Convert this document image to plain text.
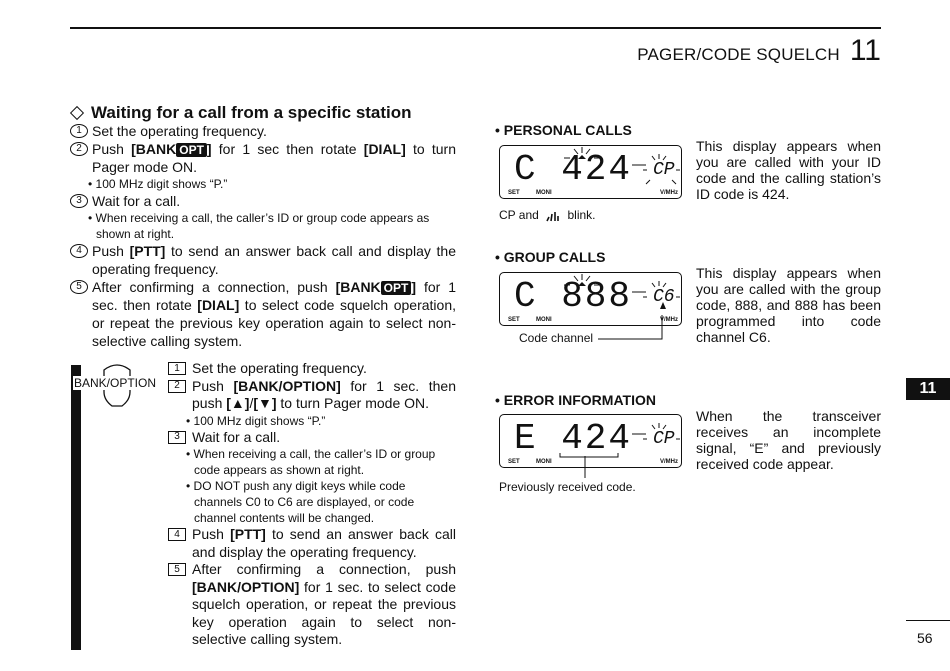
PAGER/CODE SQUELCH 11
Waiting for a call from a specific station
1 Set the operating frequency.
2 Push [BANK OPT ] for 1 sec then rotate [DIAL] to turn Pager mode ON.
• 100 MHz digit shows “P.”
3 Wait for a call.
• When receiving a call, the caller’s ID or group code appears as shown at right.
4 Push [PTT] to send an answer back call and display the operating frequency.
5 After confirming a connection, push [BANK OPT ] for 1 sec. then rotate [DIAL] to select code squelch operation, or repeat the previous key operation again to select non-selective calling system.
BANK/OPTION
1 Set the operating frequency.
2 Push [BANK/OPTION] for 1 sec. then push [▲]/[▼] to turn Pager mode ON.
• 100 MHz digit shows “P.”
3 Wait for a call.
• When receiving a call, the caller’s ID or group code appears as shown at right.
• DO NOT push any digit keys while code channels C0 to C6 are displayed, or code channel contents will be changed.
4 Push [PTT] to send an answer back call and display the operating frequency.
5 After confirming a connection, push [BANK/OPTION] for 1 sec. to select code squelch operation, or repeat the previous key operation again to select non-selective calling system.
• PERSONAL CALLS
C 424 CP
SET	MONI	V/MHz
CP and blink.
This display appears when you are called with your ID code and the calling station’s ID code is 424.
• GROUP CALLS
C 888 C6
SET	MONI	V/MHz
Code channel
This display appears when you are called with the group code, 888, and 888 has been programmed into code channel C6.
• ERROR INFORMATION
E 424 CP
SET	MONI	V/MHz
Previously received code.
When the transceiver receives an incomplete signal, “E” and previously received code appear.
11
56
